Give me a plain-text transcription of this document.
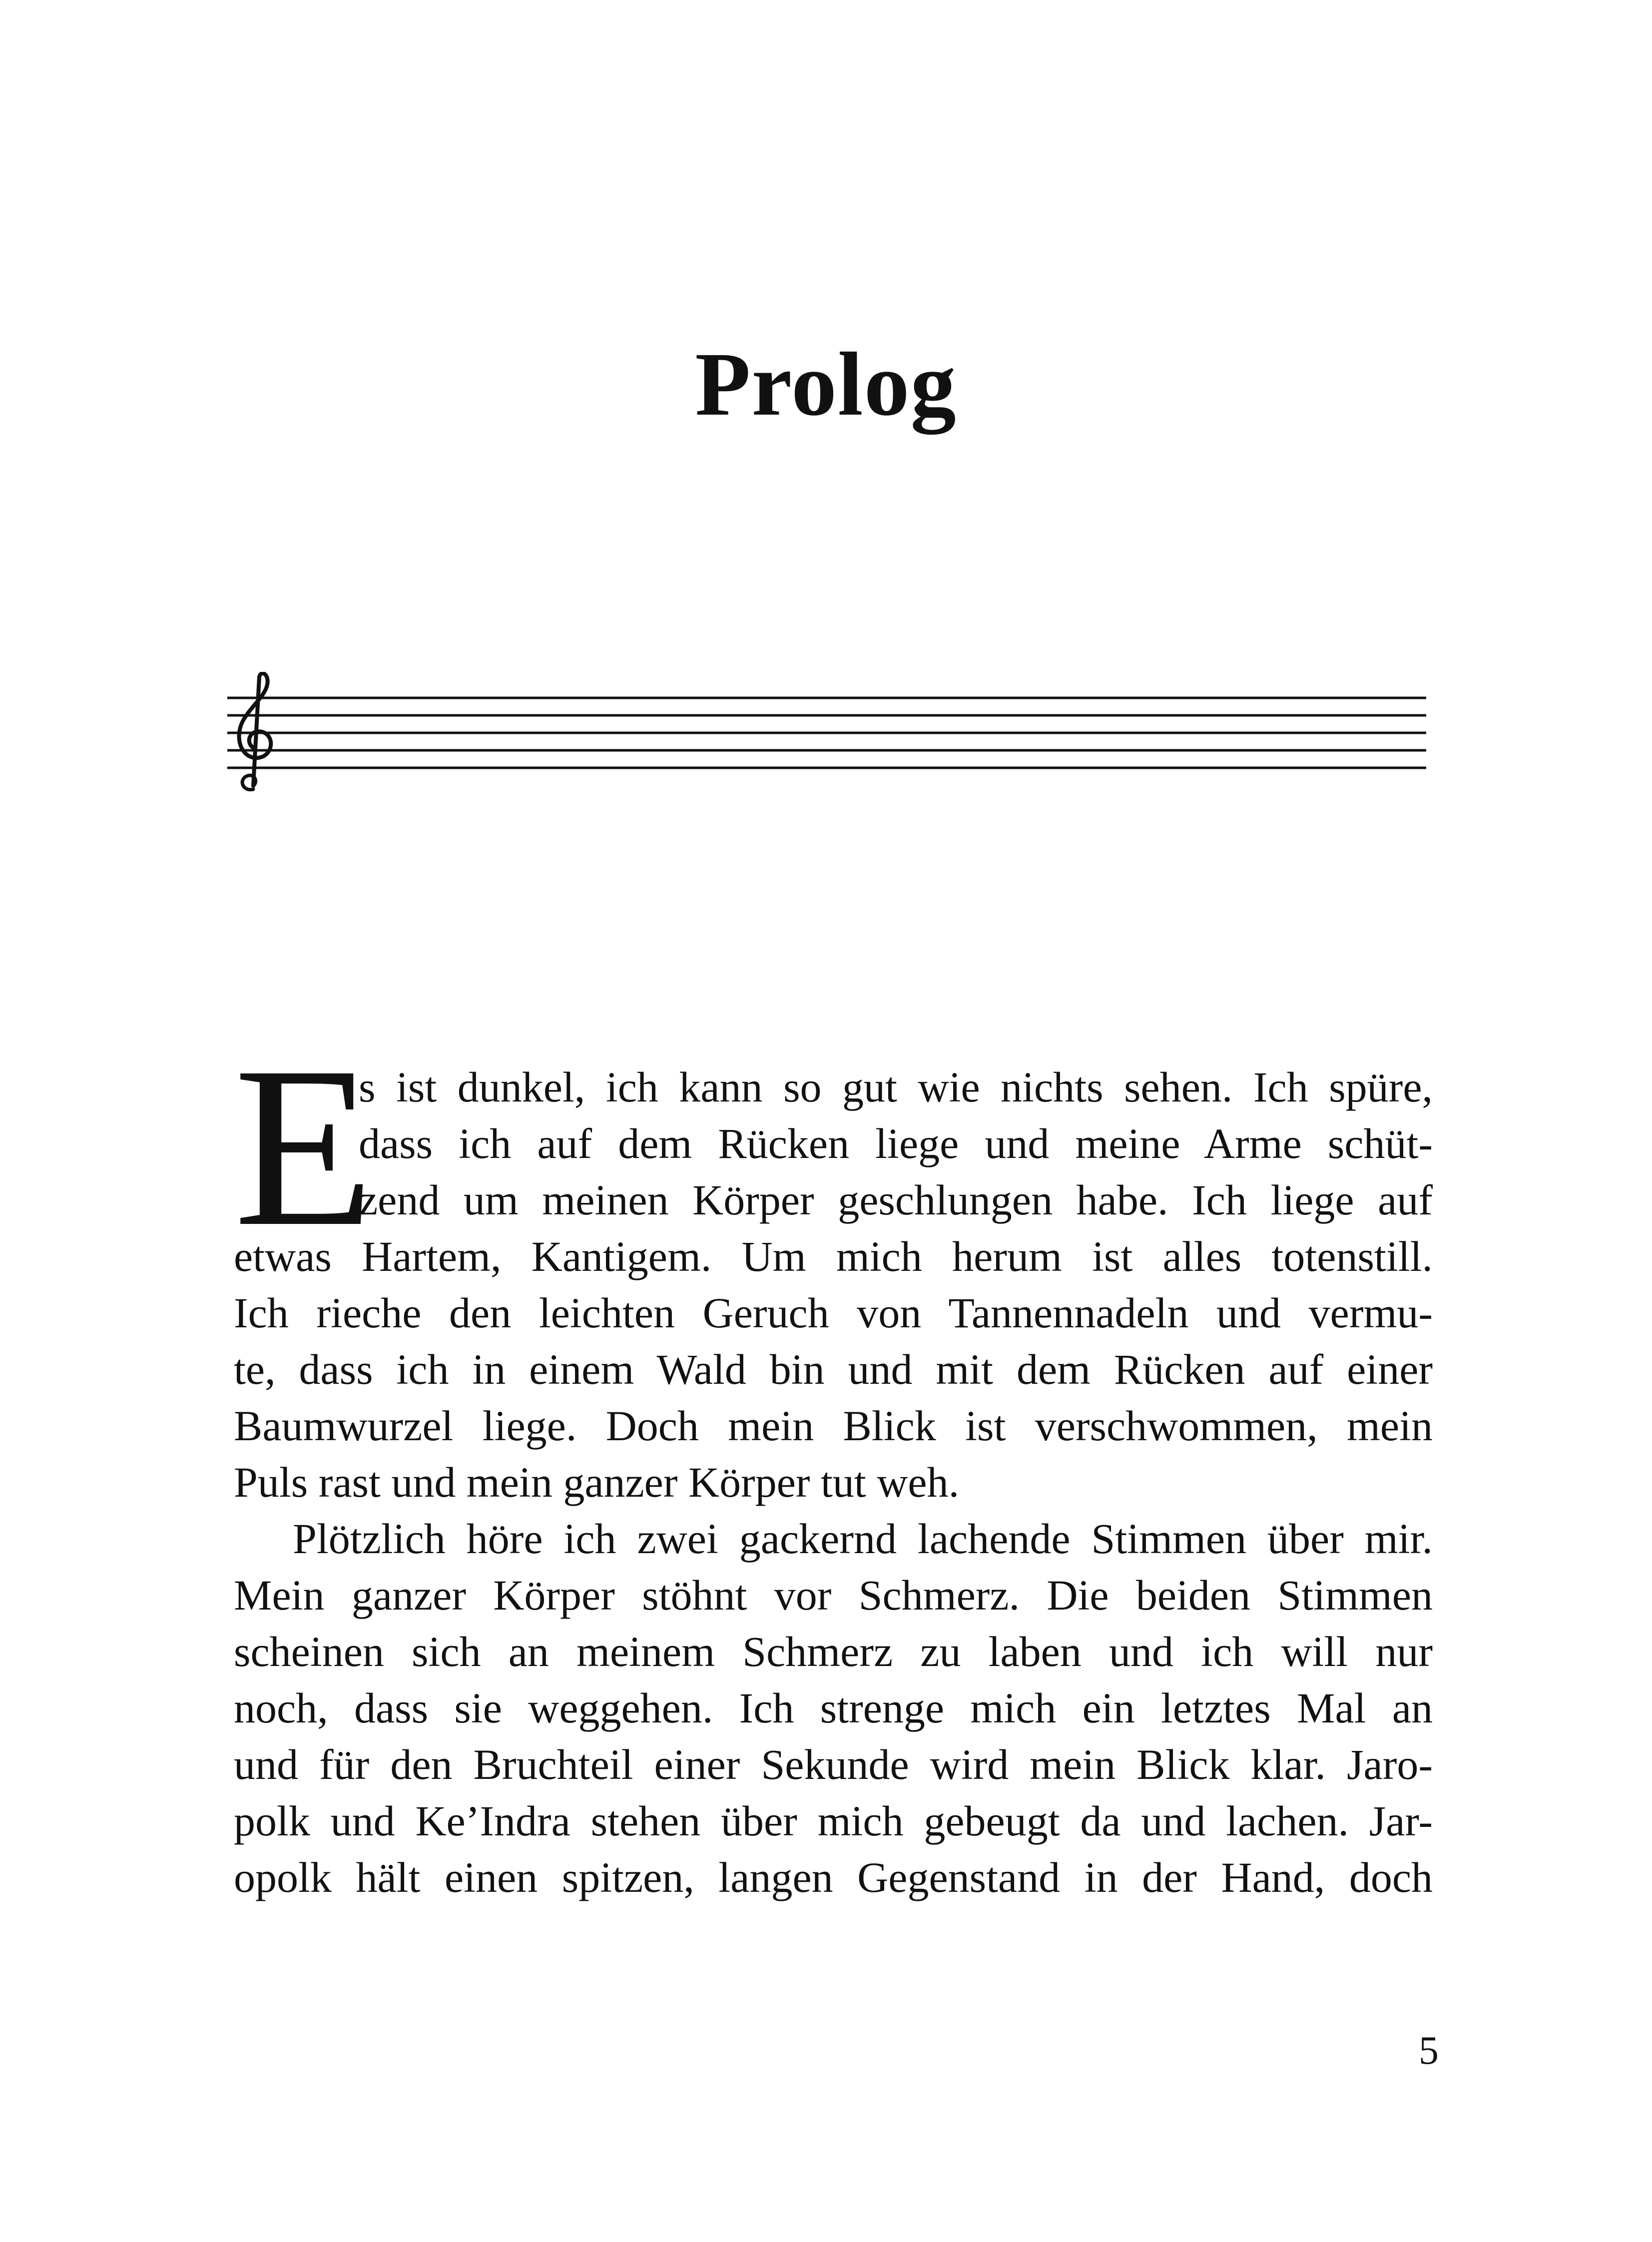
Prolog
E
s ist dunkel, ich kann so gut wie nichts sehen. Ich spüre,
dass ich auf dem Rücken liege und meine Arme schüt-
zend um meinen Körper geschlungen habe. Ich liege auf
etwas Hartem, Kantigem. Um mich herum ist alles totenstill.
Ich rieche den leichten Geruch von Tannennadeln und vermu-
te, dass ich in einem Wald bin und mit dem Rücken auf einer
Baumwurzel liege. Doch mein Blick ist verschwommen, mein
Puls rast und mein ganzer Körper tut weh.
Plötzlich höre ich zwei gackernd lachende Stimmen über mir.
Mein ganzer Körper stöhnt vor Schmerz. Die beiden Stimmen
scheinen sich an meinem Schmerz zu laben und ich will nur
noch, dass sie weggehen. Ich strenge mich ein letztes Mal an
und für den Bruchteil einer Sekunde wird mein Blick klar. Jaro-
polk und Ke’Indra stehen über mich gebeugt da und lachen. Jar-
opolk hält einen spitzen, langen Gegenstand in der Hand, doch
5
